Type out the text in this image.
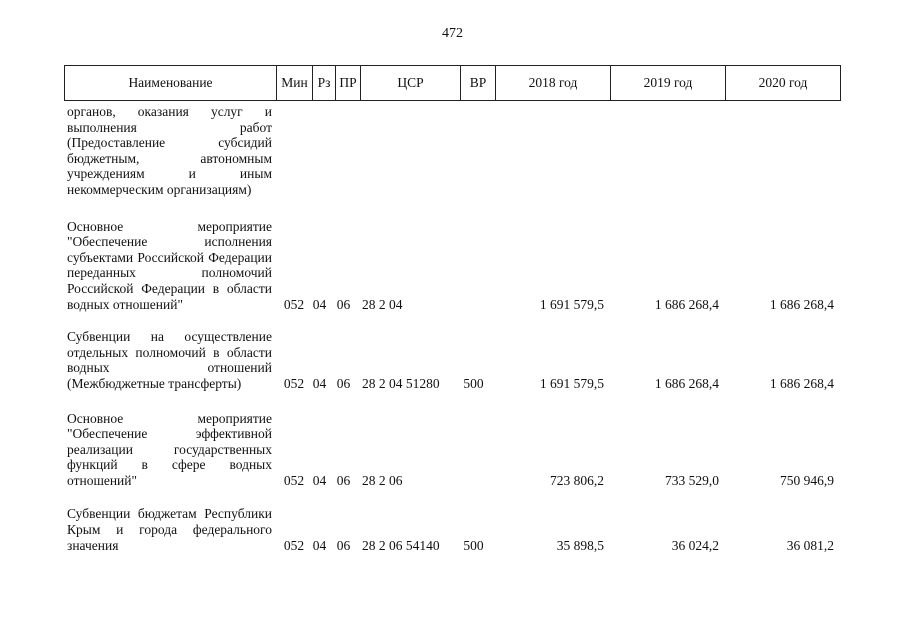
472
Наименование	Мин Рз ПР	ЦСР	ВР	2018 год	2019 год	2020 год
органов, оказания услуг и выполнения работ (Предоставление субсидий бюджетным, автономным учреждениям и иным некоммерческим организациям)
Основное мероприятие "Обеспечение исполнения субъектами Российской Федерации переданных полномочий Российской Федерации в области водных отношений"	052 04 06 28 2 04	1 691 579,5	1 686 268,4	1 686 268,4
Субвенции на осуществление отдельных полномочий в области водных отношений (Межбюджетные трансферты)	052 04 06 28 2 04 51280	500	1 691 579,5	1 686 268,4	1 686 268,4
Основное мероприятие "Обеспечение эффективной реализации государственных функций в сфере водных отношений"	052 04 06 28 2 06	723 806,2	733 529,0	750 946,9
Субвенции бюджетам Республики Крым и города федерального значения	052 04 06 28 2 06 54140	500	35 898,5	36 024,2	36 081,2
